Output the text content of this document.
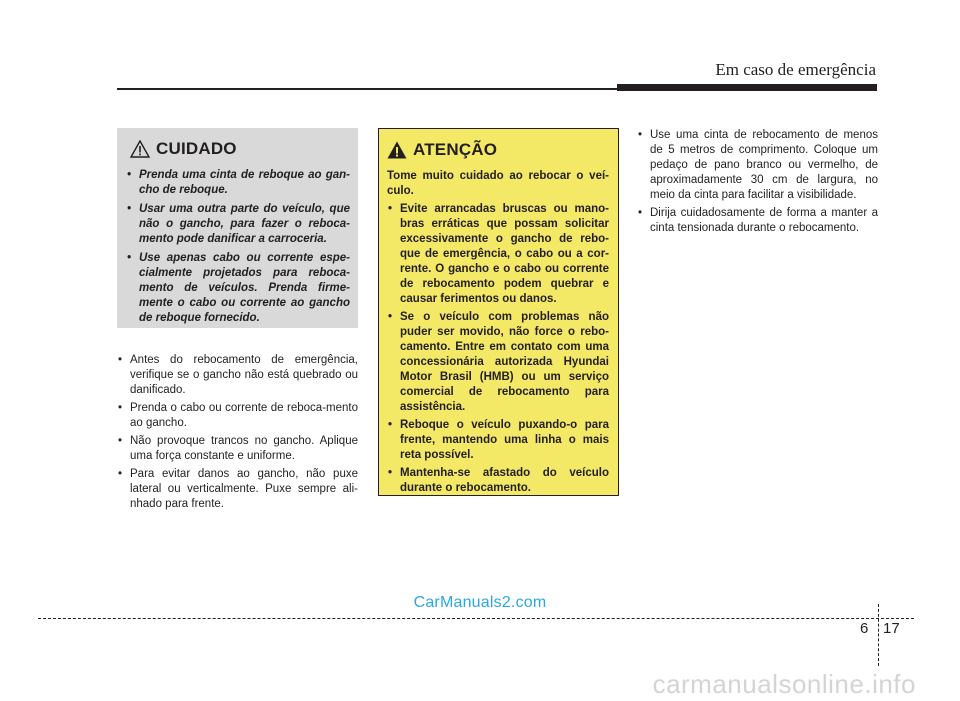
Em caso de emergência
CUIDADO
• Prenda uma cinta de reboque ao gan-cho de reboque.
• Usar uma outra parte do veículo, que não o gancho, para fazer o reboca-mento pode danificar a carroceria.
• Use apenas cabo ou corrente espe-cialmente projetados para reboca-mento de veículos. Prenda firme-mente o cabo ou corrente ao gancho de reboque fornecido.
• Antes do rebocamento de emergência, verifique se o gancho não está quebrado ou danificado.
• Prenda o cabo ou corrente de reboca-mento ao gancho.
• Não provoque trancos no gancho. Aplique uma força constante e uniforme.
• Para evitar danos ao gancho, não puxe lateral ou verticalmente. Puxe sempre ali-nhado para frente.
ATENÇÃO

Tome muito cuidado ao rebocar o veí-culo.

• Evite arrancadas bruscas ou mano-bras erráticas que possam solicitar excessivamente o gancho de rebo-que de emergência, o cabo ou a cor-rente. O gancho e o cabo ou corrente de rebocamento podem quebrar e causar ferimentos ou danos.
• Se o veículo com problemas não puder ser movido, não force o rebo-camento. Entre em contato com uma concessionária autorizada Hyundai Motor Brasil (HMB) ou um serviço comercial de rebocamento para assistência.
• Reboque o veículo puxando-o para frente, mantendo uma linha o mais reta possível.
• Mantenha-se afastado do veículo durante o rebocamento.
• Use uma cinta de rebocamento de menos de 5 metros de comprimento. Coloque um pedaço de pano branco ou vermelho, de aproximadamente 30 cm de largura, no meio da cinta para facilitar a visibilidade.
• Dirija cuidadosamente de forma a manter a cinta tensionada durante o rebocamento.
CarManuals2.com
6 17
carmanualsonline.info
